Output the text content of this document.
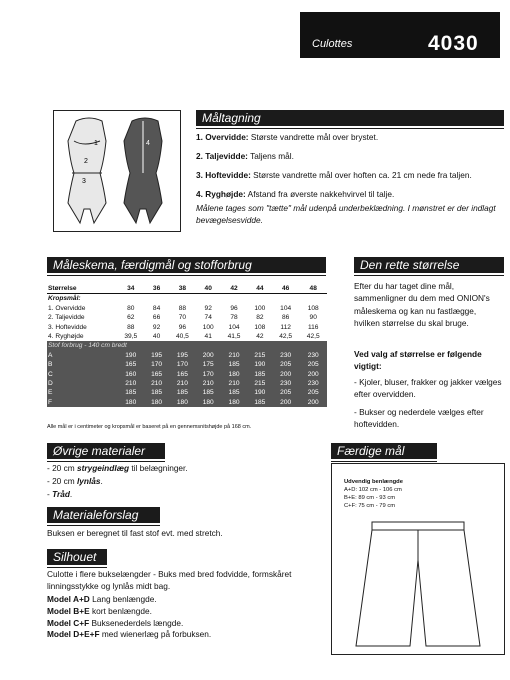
Culottes	4030
1
2
3
4
Måltagning
1. Overvidde: Største vandrette mål over brystet.
2. Taljevidde: Taljens mål.
3. Hoftevidde: Største vandrette mål over hoften ca. 21 cm nede fra taljen.
4. Ryghøjde: Afstand fra øverste nakkehvirvel til talje.
Målene tages som "tætte" mål udenpå underbeklædning. I mønstret er der indlagt bevægelsesvidde.
Måleskema, færdigmål og stofforbrug
Størrelse	34	36	38	40	42	44	46	48
Kropsmål:								
1. Overvidde	80	84	88	92	96	100	104	108
2. Taljevidde	62	66	70	74	78	82	86	90
3. Hoftevidde	88	92	96	100	104	108	112	116
4. Ryghøjde	39,5	40	40,5	41	41,5	42	42,5	42,5
Stof forbrug - 140 cm bredt								
A	190	195	195	200	210	215	230	230
B	165	170	170	175	185	190	205	205
C	160	165	165	170	180	185	200	200
D	210	210	210	210	210	215	230	230
E	185	185	185	185	185	190	205	205
F	180	180	180	180	180	185	200	200
Alle mål er i centimeter og kropsmål er baseret på en gennemsnitshøjde på 168 cm.
Den rette størrelse
Efter du har taget dine mål, sammenligner du dem med ONION's måleskema og kan nu fastlægge, hvilken størrelse du skal bruge.
Ved valg af størrelse er følgende vigtigt:
- Kjoler, bluser, frakker og jakker vælges efter overvidden.
- Bukser og nederdele vælges efter hoftevidden.
Færdige mål
Udvendig benlængde
A+D: 102 cm - 106 cm
B+E: 89 cm - 93 cm
C+F: 75 cm - 79 cm
Øvrige materialer
- 20 cm strygeindlæg til belægninger.
- 20 cm lynlås.
- Tråd.
Materialeforslag
Buksen er beregnet til fast stof evt. med stretch.
Silhouet
Culotte i flere bukselængder - Buks med bred fodvidde, formskåret linningsstykke og lynlås midt bag.
Model A+D Lang benlængde.
Model B+E kort benlængde.
Model C+F Buksenederdels længde.
Model D+E+F med wienerlæg på forbuksen.
